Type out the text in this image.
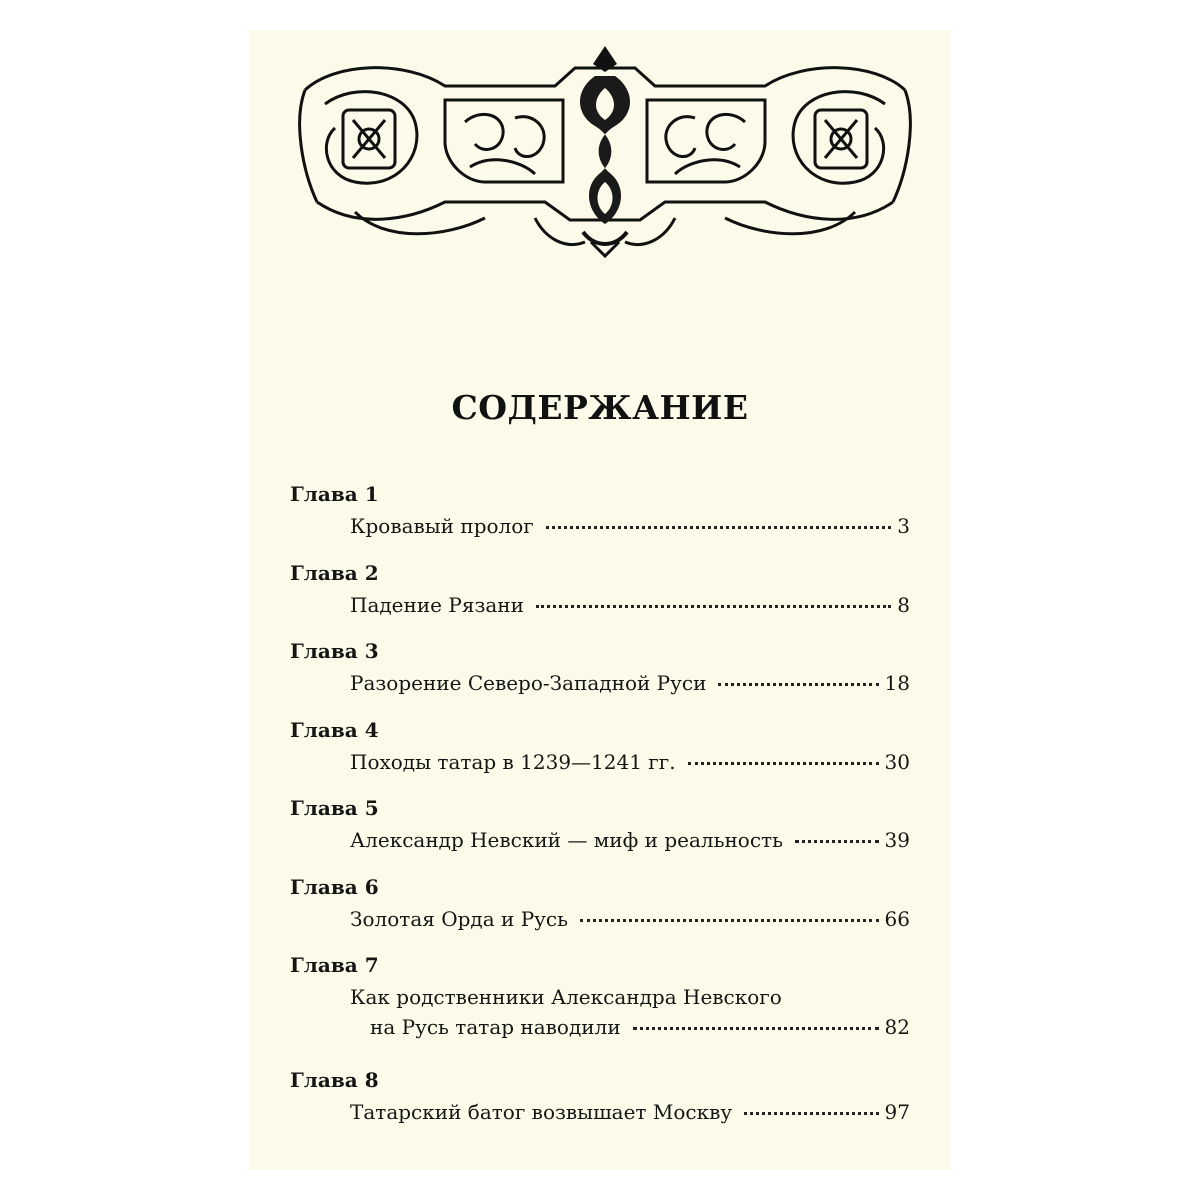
СОДЕРЖАНИЕ
Глава 1
Кровавый пролог	3
Глава 2
Падение Рязани	8
Глава 3
Разорение Северо-Западной Руси	18
Глава 4
Походы татар в 1239—1241 гг.	30
Глава 5
Александр Невский — миф и реальность	39
Глава 6
Золотая Орда и Русь	66
Глава 7
Как родственники Александра Невского
на Русь татар наводили	82
Глава 8
Татарский батог возвышает Москву	97
